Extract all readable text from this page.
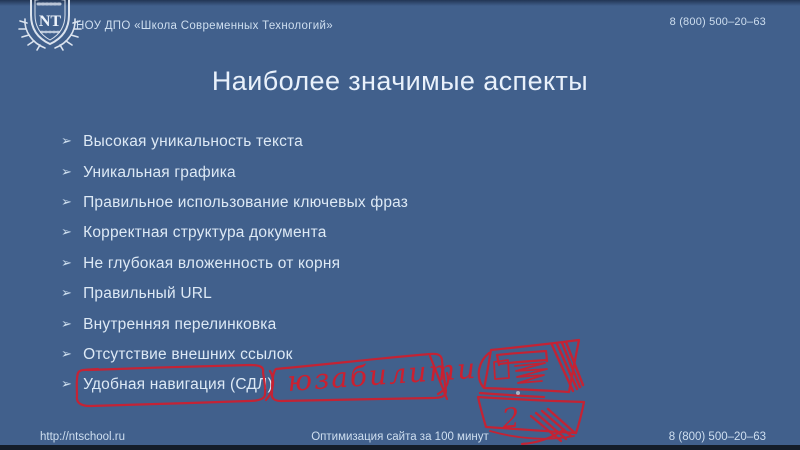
NT НОУ ДПО «Школа Современных Технологий»	8 (800) 500–20–63
Наиболее значимые аспекты
➢ Высокая уникальность текста
➢ Уникальная графика
➢ Правильное использование ключевых фраз
➢ Корректная структура документа
➢ Не глубокая вложенность от корня
➢ Правильный URL
➢ Внутренняя перелинковка
➢ Отсутствие внешних ссылок
➢ Удобная навигация (СДЛ) юзабилити
2
http://ntschool.ru	Оптимизация сайта за 100 минут	8 (800) 500–20–63
